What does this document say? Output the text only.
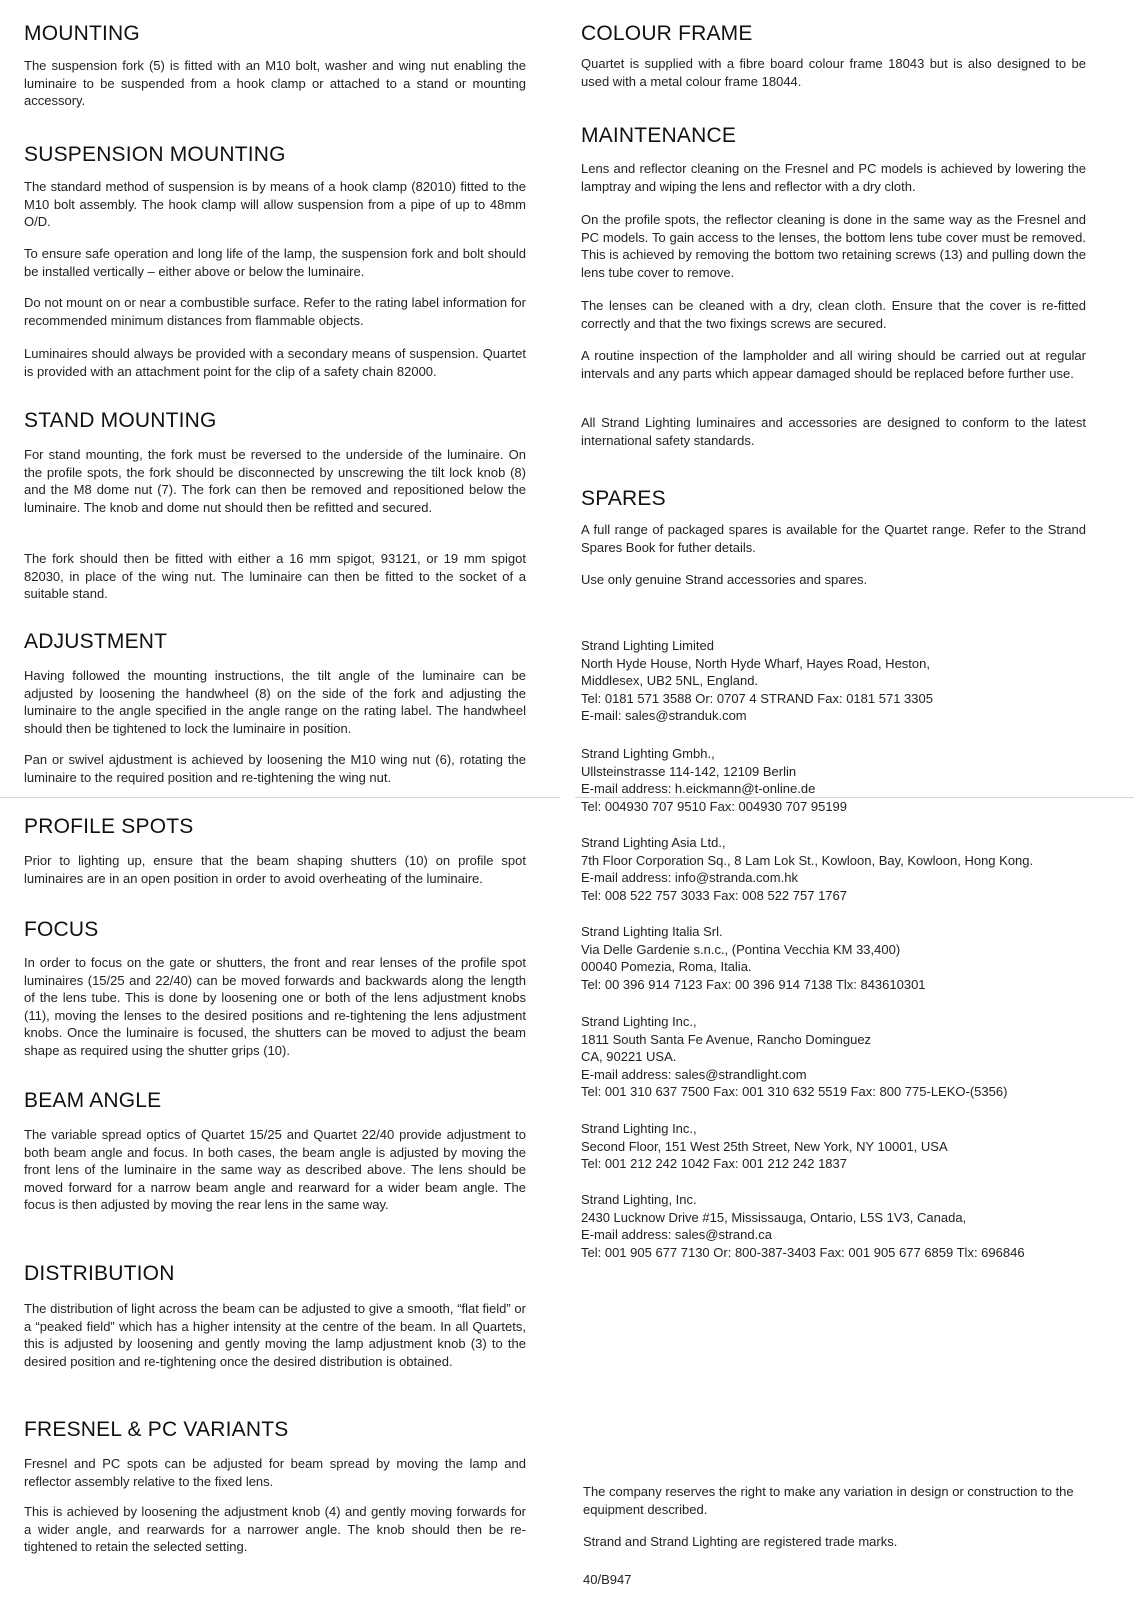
MOUNTING

The suspension fork (5) is fitted with an M10 bolt, washer and wing nut enabling the luminaire to be suspended from a hook clamp or attached to a stand or mounting accessory.

SUSPENSION MOUNTING

The standard method of suspension is by means of a hook clamp (82010) fitted to the M10 bolt assembly. The hook clamp will allow suspension from a pipe of up to 48mm O/D.

To ensure safe operation and long life of the lamp, the suspension fork and bolt should be installed vertically – either above or below the luminaire.

Do not mount on or near a combustible surface. Refer to the rating label information for recommended minimum distances from flammable objects.

Luminaires should always be provided with a secondary means of suspension. Quartet is provided with an attachment point for the clip of a safety chain 82000.

STAND MOUNTING

For stand mounting, the fork must be reversed to the underside of the luminaire. On the profile spots, the fork should be disconnected by unscrewing the tilt lock knob (8) and the M8 dome nut (7). The fork can then be removed and repositioned below the luminaire. The knob and dome nut should then be refitted and secured.

The fork should then be fitted with either a 16 mm spigot, 93121, or 19 mm spigot 82030, in place of the wing nut. The luminaire can then be fitted to the socket of a suitable stand.

ADJUSTMENT

Having followed the mounting instructions, the tilt angle of the luminaire can be adjusted by loosening the handwheel (8) on the side of the fork and adjusting the luminaire to the angle specified in the angle range on the rating label. The handwheel should then be tightened to lock the luminaire in position.

Pan or swivel ajdustment is achieved by loosening the M10 wing nut (6), rotating the luminaire to the required position and re-tightening the wing nut.

PROFILE SPOTS

Prior to lighting up, ensure that the beam shaping shutters (10) on profile spot luminaires are in an open position in order to avoid overheating of the luminaire.

FOCUS

In order to focus on the gate or shutters, the front and rear lenses of the profile spot luminaires (15/25 and 22/40) can be moved forwards and backwards along the length of the lens tube. This is done by loosening one or both of the lens adjustment knobs (11), moving the lenses to the desired positions and re-tightening the lens adjustment knobs. Once the luminaire is focused, the shutters can be moved to adjust the beam shape as required using the shutter grips (10).

BEAM ANGLE

The variable spread optics of Quartet 15/25 and Quartet 22/40 provide adjustment to both beam angle and focus. In both cases, the beam angle is adjusted by moving the front lens of the luminaire in the same way as described above. The lens should be moved forward for a narrow beam angle and rearward for a wider beam angle. The focus is then adjusted by moving the rear lens in the same way.

DISTRIBUTION

The distribution of light across the beam can be adjusted to give a smooth, “flat field” or a “peaked field” which has a higher intensity at the centre of the beam. In all Quartets, this is adjusted by loosening and gently moving the lamp adjustment knob (3) to the desired position and re-tightening once the desired distribution is obtained.

FRESNEL & PC VARIANTS

Fresnel and PC spots can be adjusted for beam spread by moving the lamp and reflector assembly relative to the fixed lens.

This is achieved by loosening the adjustment knob (4) and gently moving forwards for a wider angle, and rearwards for a narrower angle. The knob should then be re-tightened to retain the selected setting.

COLOUR FRAME

Quartet is supplied with a fibre board colour frame 18043 but is also designed to be used with a metal colour frame 18044.

MAINTENANCE

Lens and reflector cleaning on the Fresnel and PC models is achieved by lowering the lamptray and wiping the lens and reflector with a dry cloth.

On the profile spots, the reflector cleaning is done in the same way as the Fresnel and PC models. To gain access to the lenses, the bottom lens tube cover must be removed. This is achieved by removing the bottom two retaining screws (13) and pulling down the lens tube cover to remove.

The lenses can be cleaned with a dry, clean cloth. Ensure that the cover is re-fitted correctly and that the two fixings screws are secured.

A routine inspection of the lampholder and all wiring should be carried out at regular intervals and any parts which appear damaged should be replaced before further use.

All Strand Lighting luminaires and accessories are designed to conform to the latest international safety standards.

SPARES

A full range of packaged spares is available for the Quartet range. Refer to the Strand Spares Book for futher details.

Use only genuine Strand accessories and spares.

Strand Lighting Limited
North Hyde House, North Hyde Wharf, Hayes Road, Heston,
Middlesex, UB2 5NL, England.
Tel: 0181 571 3588 Or: 0707 4 STRAND Fax: 0181 571 3305
E-mail: sales@stranduk.com
Strand Lighting Gmbh.,
Ullsteinstrasse 114-142, 12109 Berlin
E-mail address: h.eickmann@t-online.de
Tel: 004930 707 9510 Fax: 004930 707 95199
Strand Lighting Asia Ltd.,
7th Floor Corporation Sq., 8 Lam Lok St., Kowloon, Bay, Kowloon, Hong Kong.
E-mail address: info@stranda.com.hk
Tel: 008 522 757 3033 Fax: 008 522 757 1767
Strand Lighting Italia Srl.
Via Delle Gardenie s.n.c., (Pontina Vecchia KM 33,400)
00040 Pomezia, Roma, Italia.
Tel: 00 396 914 7123 Fax: 00 396 914 7138 Tlx: 843610301
Strand Lighting Inc.,
1811 South Santa Fe Avenue, Rancho Dominguez
CA, 90221 USA.
E-mail address: sales@strandlight.com
Tel: 001 310 637 7500 Fax: 001 310 632 5519 Fax: 800 775-LEKO-(5356)
Strand Lighting Inc.,
Second Floor, 151 West 25th Street, New York, NY 10001, USA
Tel: 001 212 242 1042 Fax: 001 212 242 1837
Strand Lighting, Inc.
2430 Lucknow Drive #15, Mississauga, Ontario, L5S 1V3, Canada,
E-mail address: sales@strand.ca
Tel: 001 905 677 7130 Or: 800-387-3403 Fax: 001 905 677 6859 Tlx: 696846

The company reserves the right to make any variation in design or construction to the equipment described.

Strand and Strand Lighting are registered trade marks.

40/B947
